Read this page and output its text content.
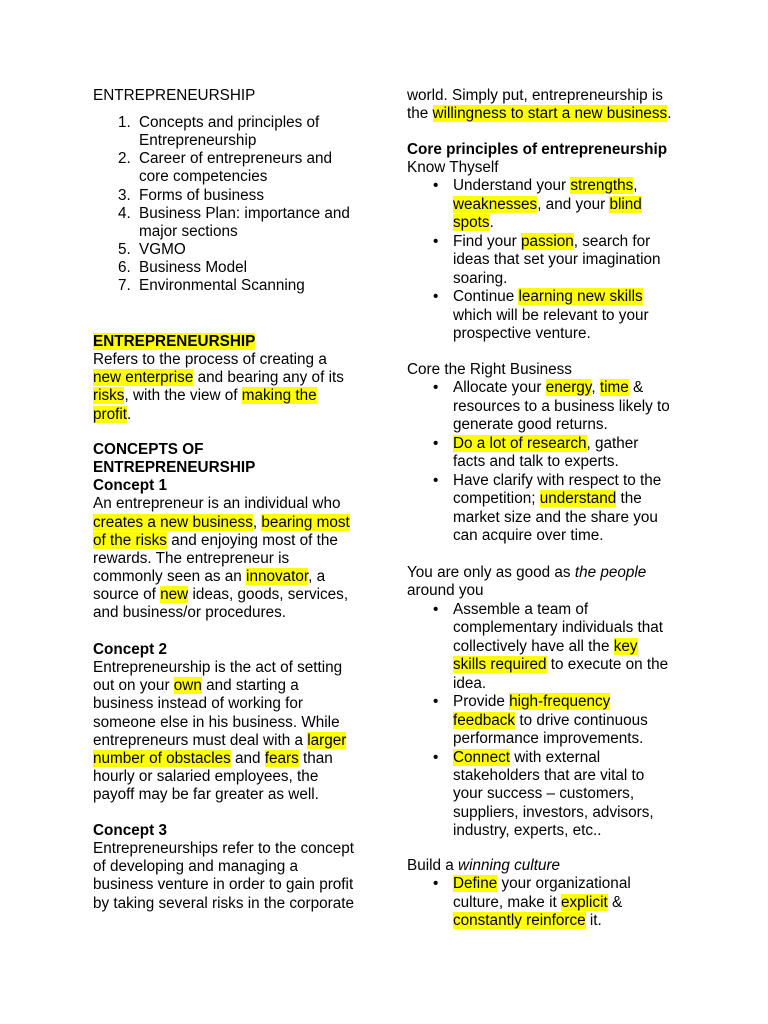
ENTREPRENEURSHIP
1. Concepts and principles of
Entrepreneurship
2. Career of entrepreneurs and
core competencies
3. Forms of business
4. Business Plan: importance and
major sections
5. VGMO
6. Business Model
7. Environmental Scanning
ENTREPRENEURSHIP
Refers to the process of creating a
new enterprise and bearing any of its
risks, with the view of making the
profit.
CONCEPTS OF
ENTREPRENEURSHIP
Concept 1
An entrepreneur is an individual who
creates a new business, bearing most
of the risks and enjoying most of the
rewards. The entrepreneur is
commonly seen as an innovator, a
source of new ideas, goods, services,
and business/or procedures.
Concept 2
Entrepreneurship is the act of setting
out on your own and starting a
business instead of working for
someone else in his business. While
entrepreneurs must deal with a larger
number of obstacles and fears than
hourly or salaried employees, the
payoff may be far greater as well.
Concept 3
Entrepreneurships refer to the concept
of developing and managing a
business venture in order to gain profit
by taking several risks in the corporate
world. Simply put, entrepreneurship is
the willingness to start a new business.
Core principles of entrepreneurship
Know Thyself
•
Understand your strengths,
weaknesses, and your blind
spots.
•
Find your passion, search for
ideas that set your imagination
soaring.
•
Continue learning new skills
which will be relevant to your
prospective venture.
Core the Right Business
•
Allocate your energy, time &
resources to a business likely to
generate good returns.
•
Do a lot of research, gather
facts and talk to experts.
•
Have clarify with respect to the
competition; understand the
market size and the share you
can acquire over time.
You are only as good as the people
around you
•
Assemble a team of
complementary individuals that
collectively have all the key
skills required to execute on the
idea.
•
Provide high-frequency
feedback to drive continuous
performance improvements.
•
Connect with external
stakeholders that are vital to
your success – customers,
suppliers, investors, advisors,
industry, experts, etc..
Build a winning culture
•
Define your organizational
culture, make it explicit &
constantly reinforce it.
